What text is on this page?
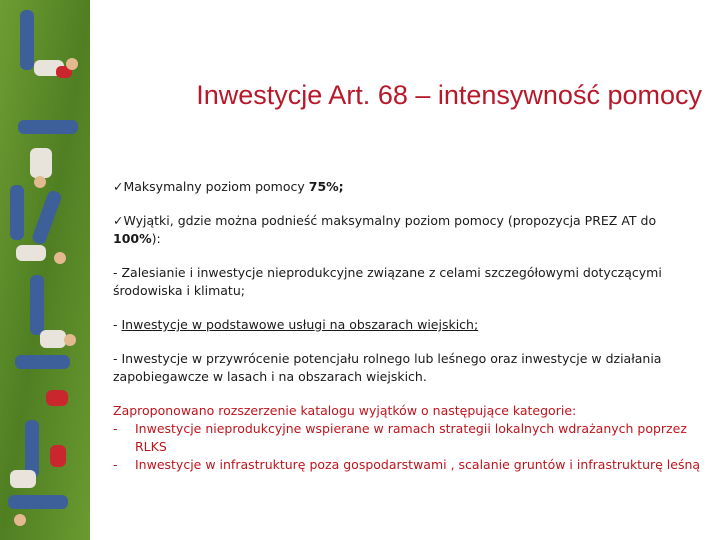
Inwestycje Art. 68 – intensywność pomocy
✓Maksymalny poziom pomocy 75%;
✓Wyjątki, gdzie można podnieść maksymalny poziom pomocy (propozycja PREZ AT do 100%):
- Zalesianie i inwestycje nieprodukcyjne związane z celami szczegółowymi dotyczącymi środowiska i klimatu;
- Inwestycje w podstawowe usługi na obszarach wiejskich;
- Inwestycje w przywrócenie potencjału rolnego lub leśnego oraz inwestycje w działania zapobiegawcze w lasach i na obszarach wiejskich.
Zaproponowano rozszerzenie katalogu wyjątków o następujące kategorie:
-	Inwestycje nieprodukcyjne wspierane w ramach strategii lokalnych wdrażanych poprzez RLKS
-	Inwestycje w infrastrukturę poza gospodarstwami , scalanie gruntów i infrastrukturę leśną
